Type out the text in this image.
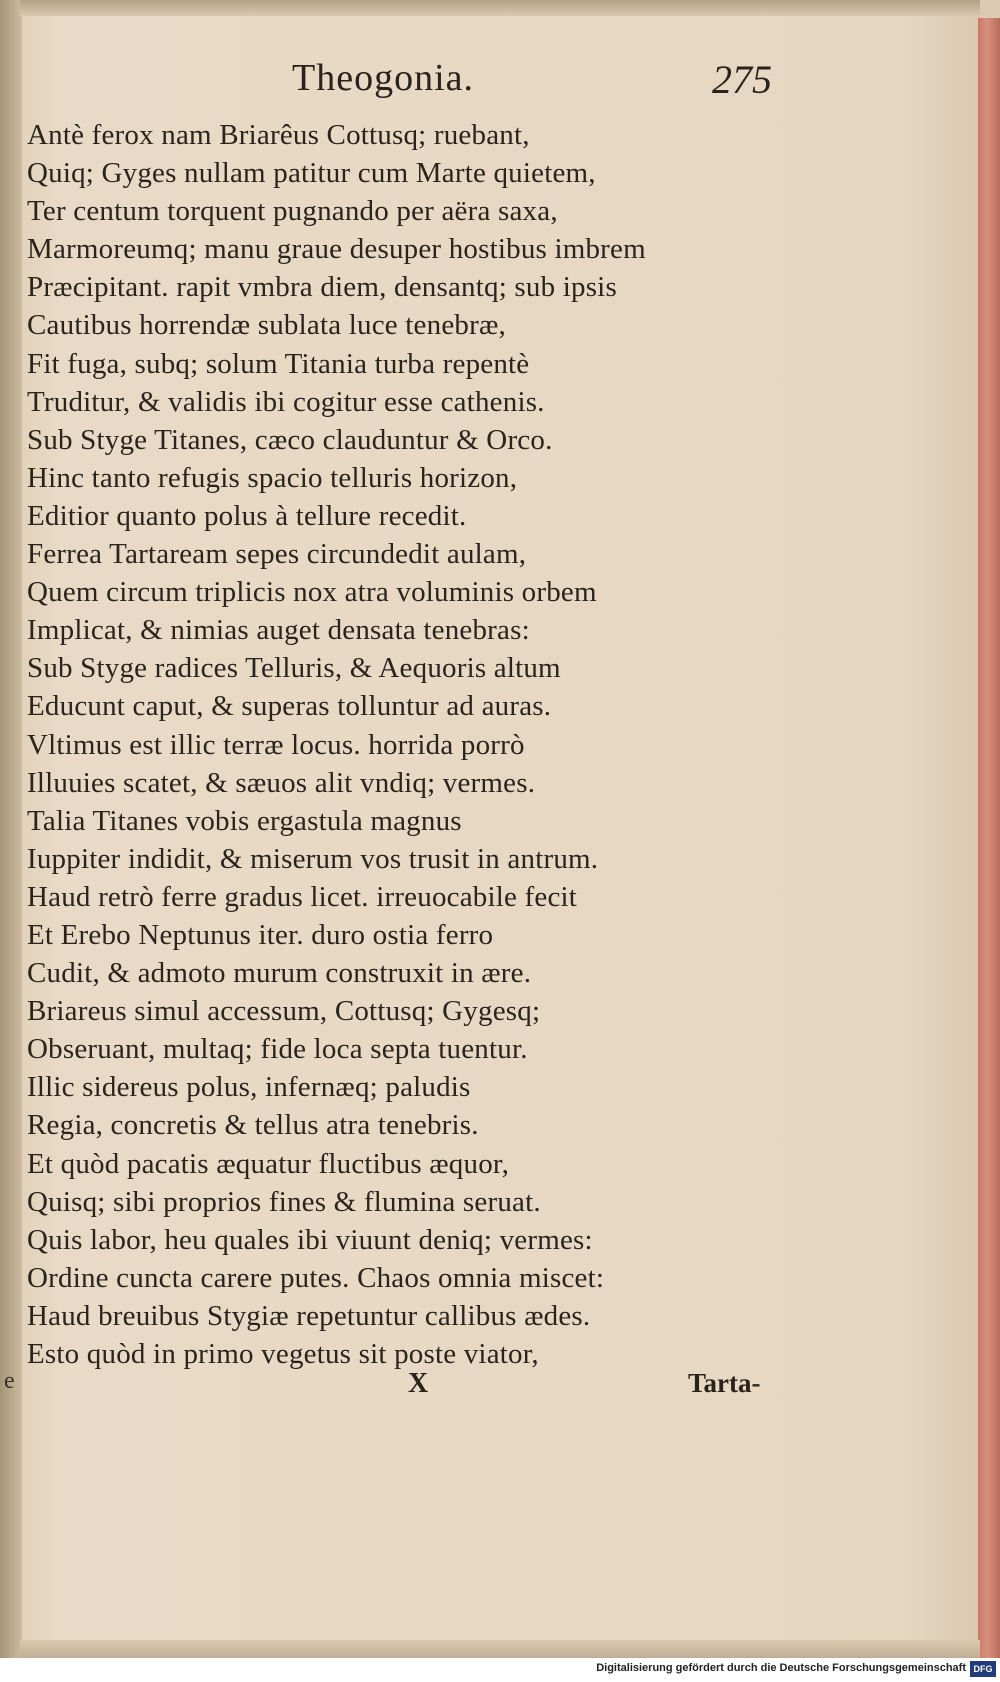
Theogonia.	275
Antè ferox nam Briarêus Cottusq; ruebant,
Quiq; Gyges nullam patitur cum Marte quietem,
Ter centum torquent pugnando per aëra saxa,
Marmoreumq; manu graue desuper hostibus imbrem
Præcipitant. rapit vmbra diem, densantq; sub ipsis
Cautibus horrendæ sublata luce tenebræ,
Fit fuga, subq; solum Titania turba repentè
Truditur, & validis ibi cogitur esse cathenis.
Sub Styge Titanes, cæco clauduntur & Orco.
Hinc tanto refugis spacio telluris horizon,
Editior quanto polus à tellure recedit.
Ferrea Tartaream sepes circundedit aulam,
Quem circum triplicis nox atra voluminis orbem
Implicat, & nimias auget densata tenebras:
Sub Styge radices Telluris, & Aequoris altum
Educunt caput, & superas tolluntur ad auras.
Vltimus est illic terræ locus. horrida porrò
Illuuies scatet, & sæuos alit vndiq; vermes.
Talia Titanes vobis ergastula magnus
Iuppiter indidit, & miserum vos trusit in antrum.
Haud retrò ferre gradus licet. irreuocabile fecit
Et Erebo Neptunus iter. duro ostia ferro
Cudit, & admoto murum construxit in ære.
Briareus simul accessum, Cottusq; Gygesq;
Obseruant, multaq; fide loca septa tuentur.
Illic sidereus polus, infernæq; paludis
Regia, concretis & tellus atra tenebris.
Et quòd pacatis æquatur fluctibus æquor,
Quisq; sibi proprios fines & flumina seruat.
Quis labor, heu quales ibi viuunt deniq; vermes:
Ordine cuncta carere putes. Chaos omnia miscet:
Haud breuibus Stygiæ repetuntur callibus ædes.
Esto quòd in primo vegetus sit poste viator,
e	X	Tarta-
Digitalisierung gefördert durch die Deutsche Forschungsgemeinschaft DFG
